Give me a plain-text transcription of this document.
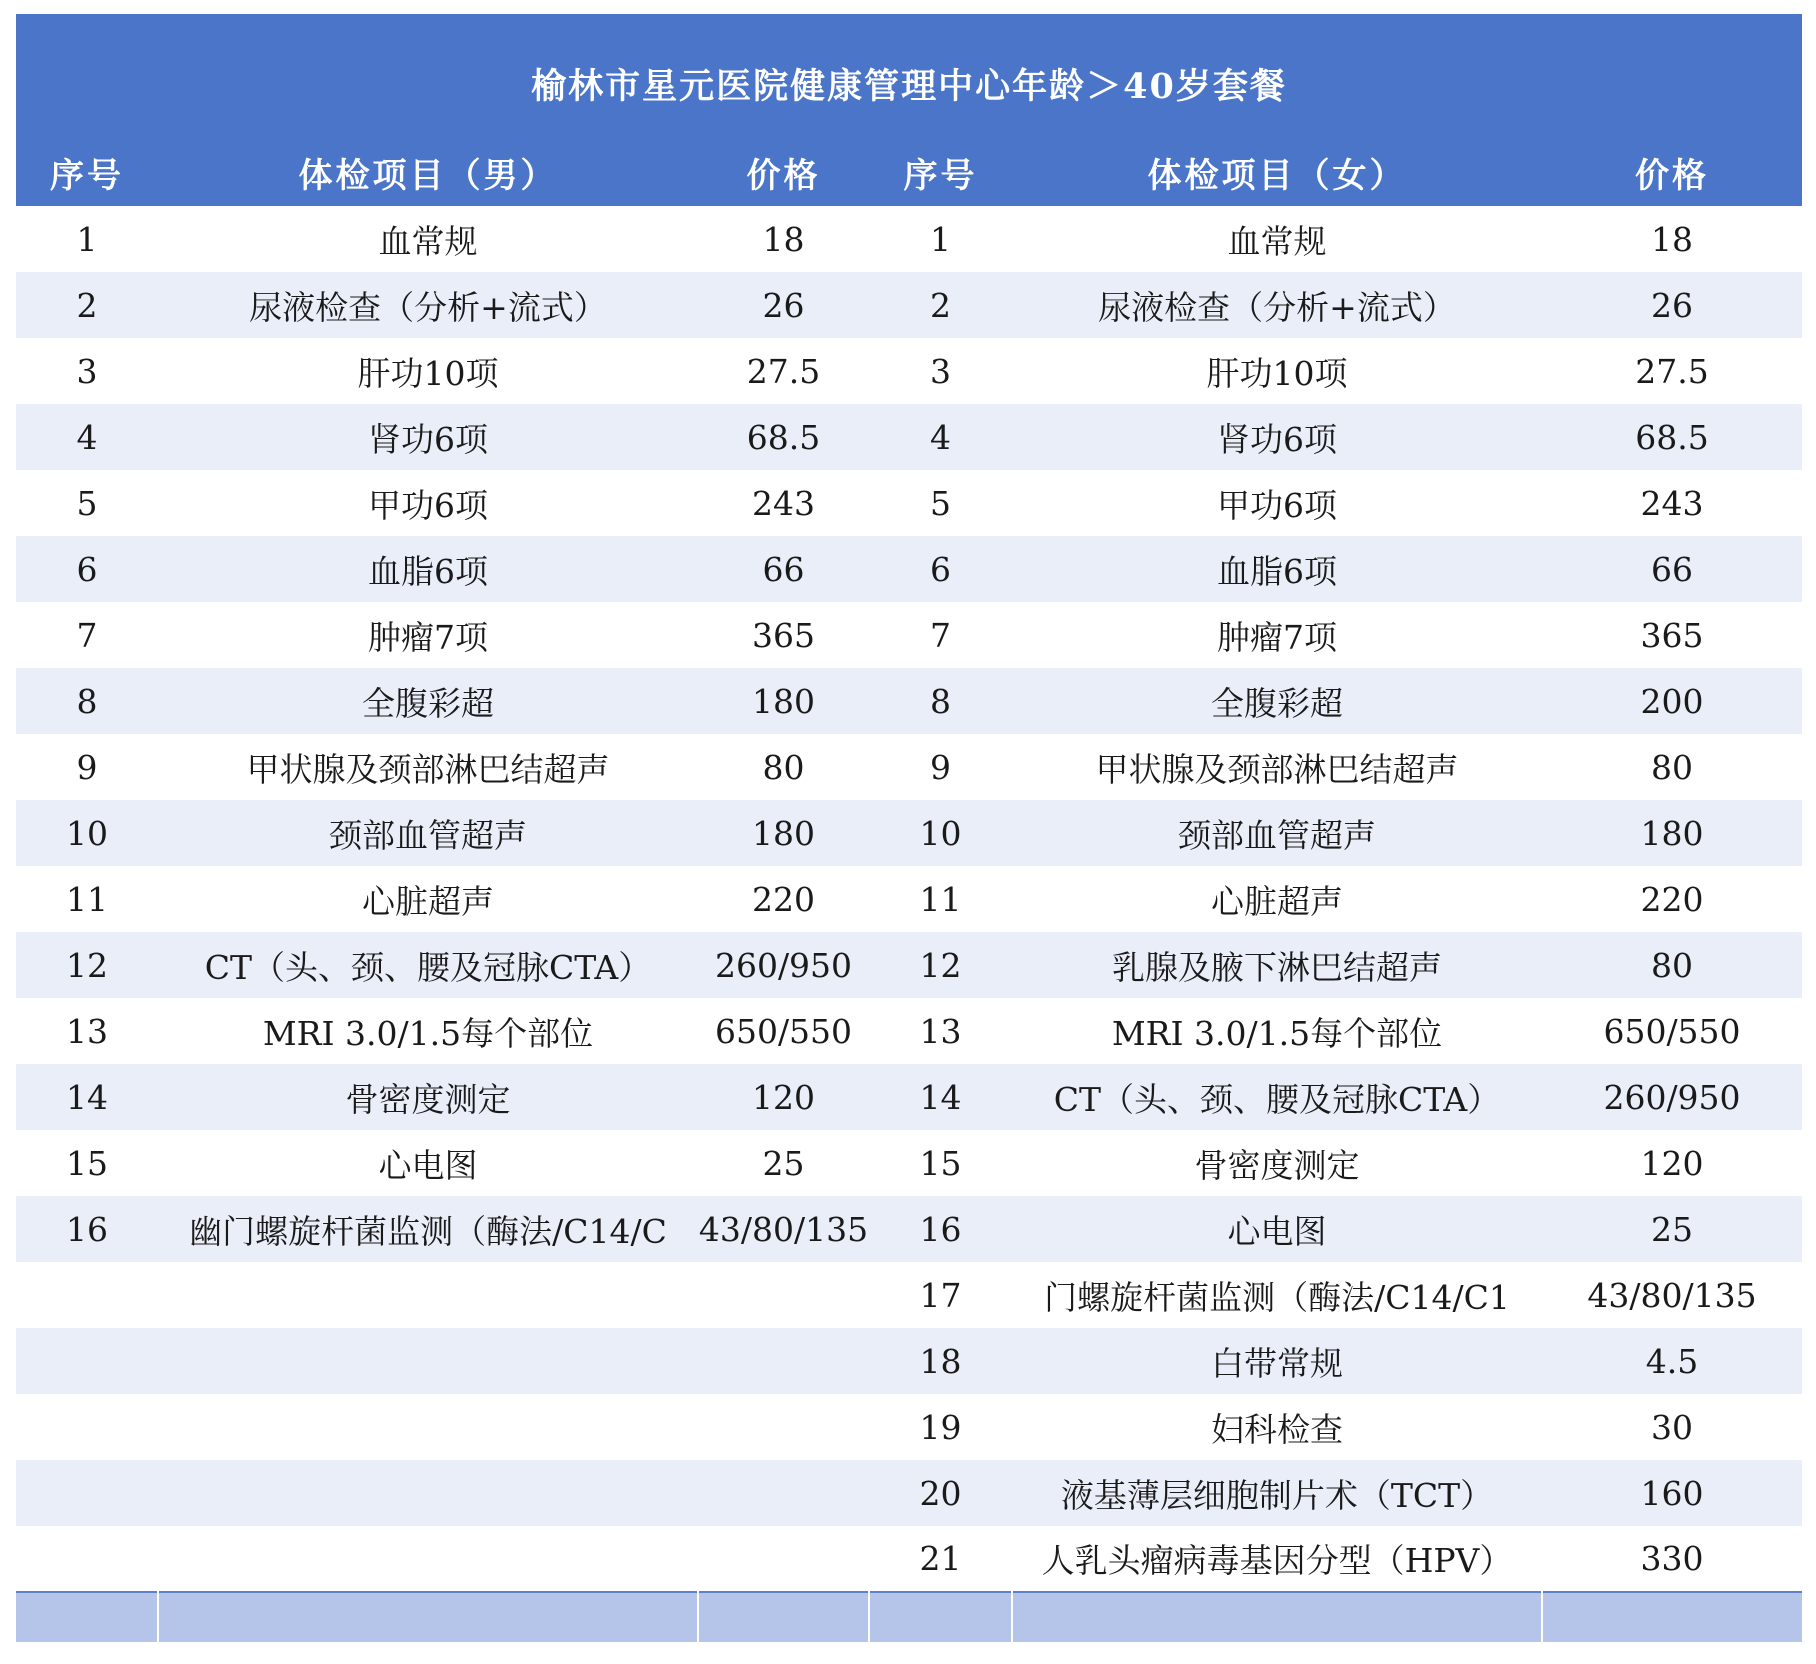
榆林市星元医院健康管理中心年龄＞40岁套餐
序号	体检项目（男）	价格	序号	体检项目（女）	价格

1	血常规	18	1	血常规	18

2	尿液检查（分析+流式）	26	2	尿液检查（分析+流式）	26

3	肝功10项	27.5	3	肝功10项	27.5

4	肾功6项	68.5	4	肾功6项	68.5

5	甲功6项	243	5	甲功6项	243

6	血脂6项	66	6	血脂6项	66

7	肿瘤7项	365	7	肿瘤7项	365

8	全腹彩超	180	8	全腹彩超	200

9	甲状腺及颈部淋巴结超声	80	9	甲状腺及颈部淋巴结超声	80

10	颈部血管超声	180	10	颈部血管超声	180

11	心脏超声	220	11	心脏超声	220

12	CT（头、颈、腰及冠脉CTA）	260/950	12	乳腺及腋下淋巴结超声	80

13	MRI 3.0/1.5每个部位	650/550	13	MRI 3.0/1.5每个部位	650/550

14	骨密度测定	120	14	CT（头、颈、腰及冠脉CTA）	260/950

15	心电图	25	15	骨密度测定	120

16	幽门螺旋杆菌监测（酶法/C14/C	43/80/135	16	心电图	25

			17	门螺旋杆菌监测（酶法/C14/C1	43/80/135

			18	白带常规	4.5

			19	妇科检查	30

			20	液基薄层细胞制片术（TCT）	160

			21	人乳头瘤病毒基因分型（HPV）	330
